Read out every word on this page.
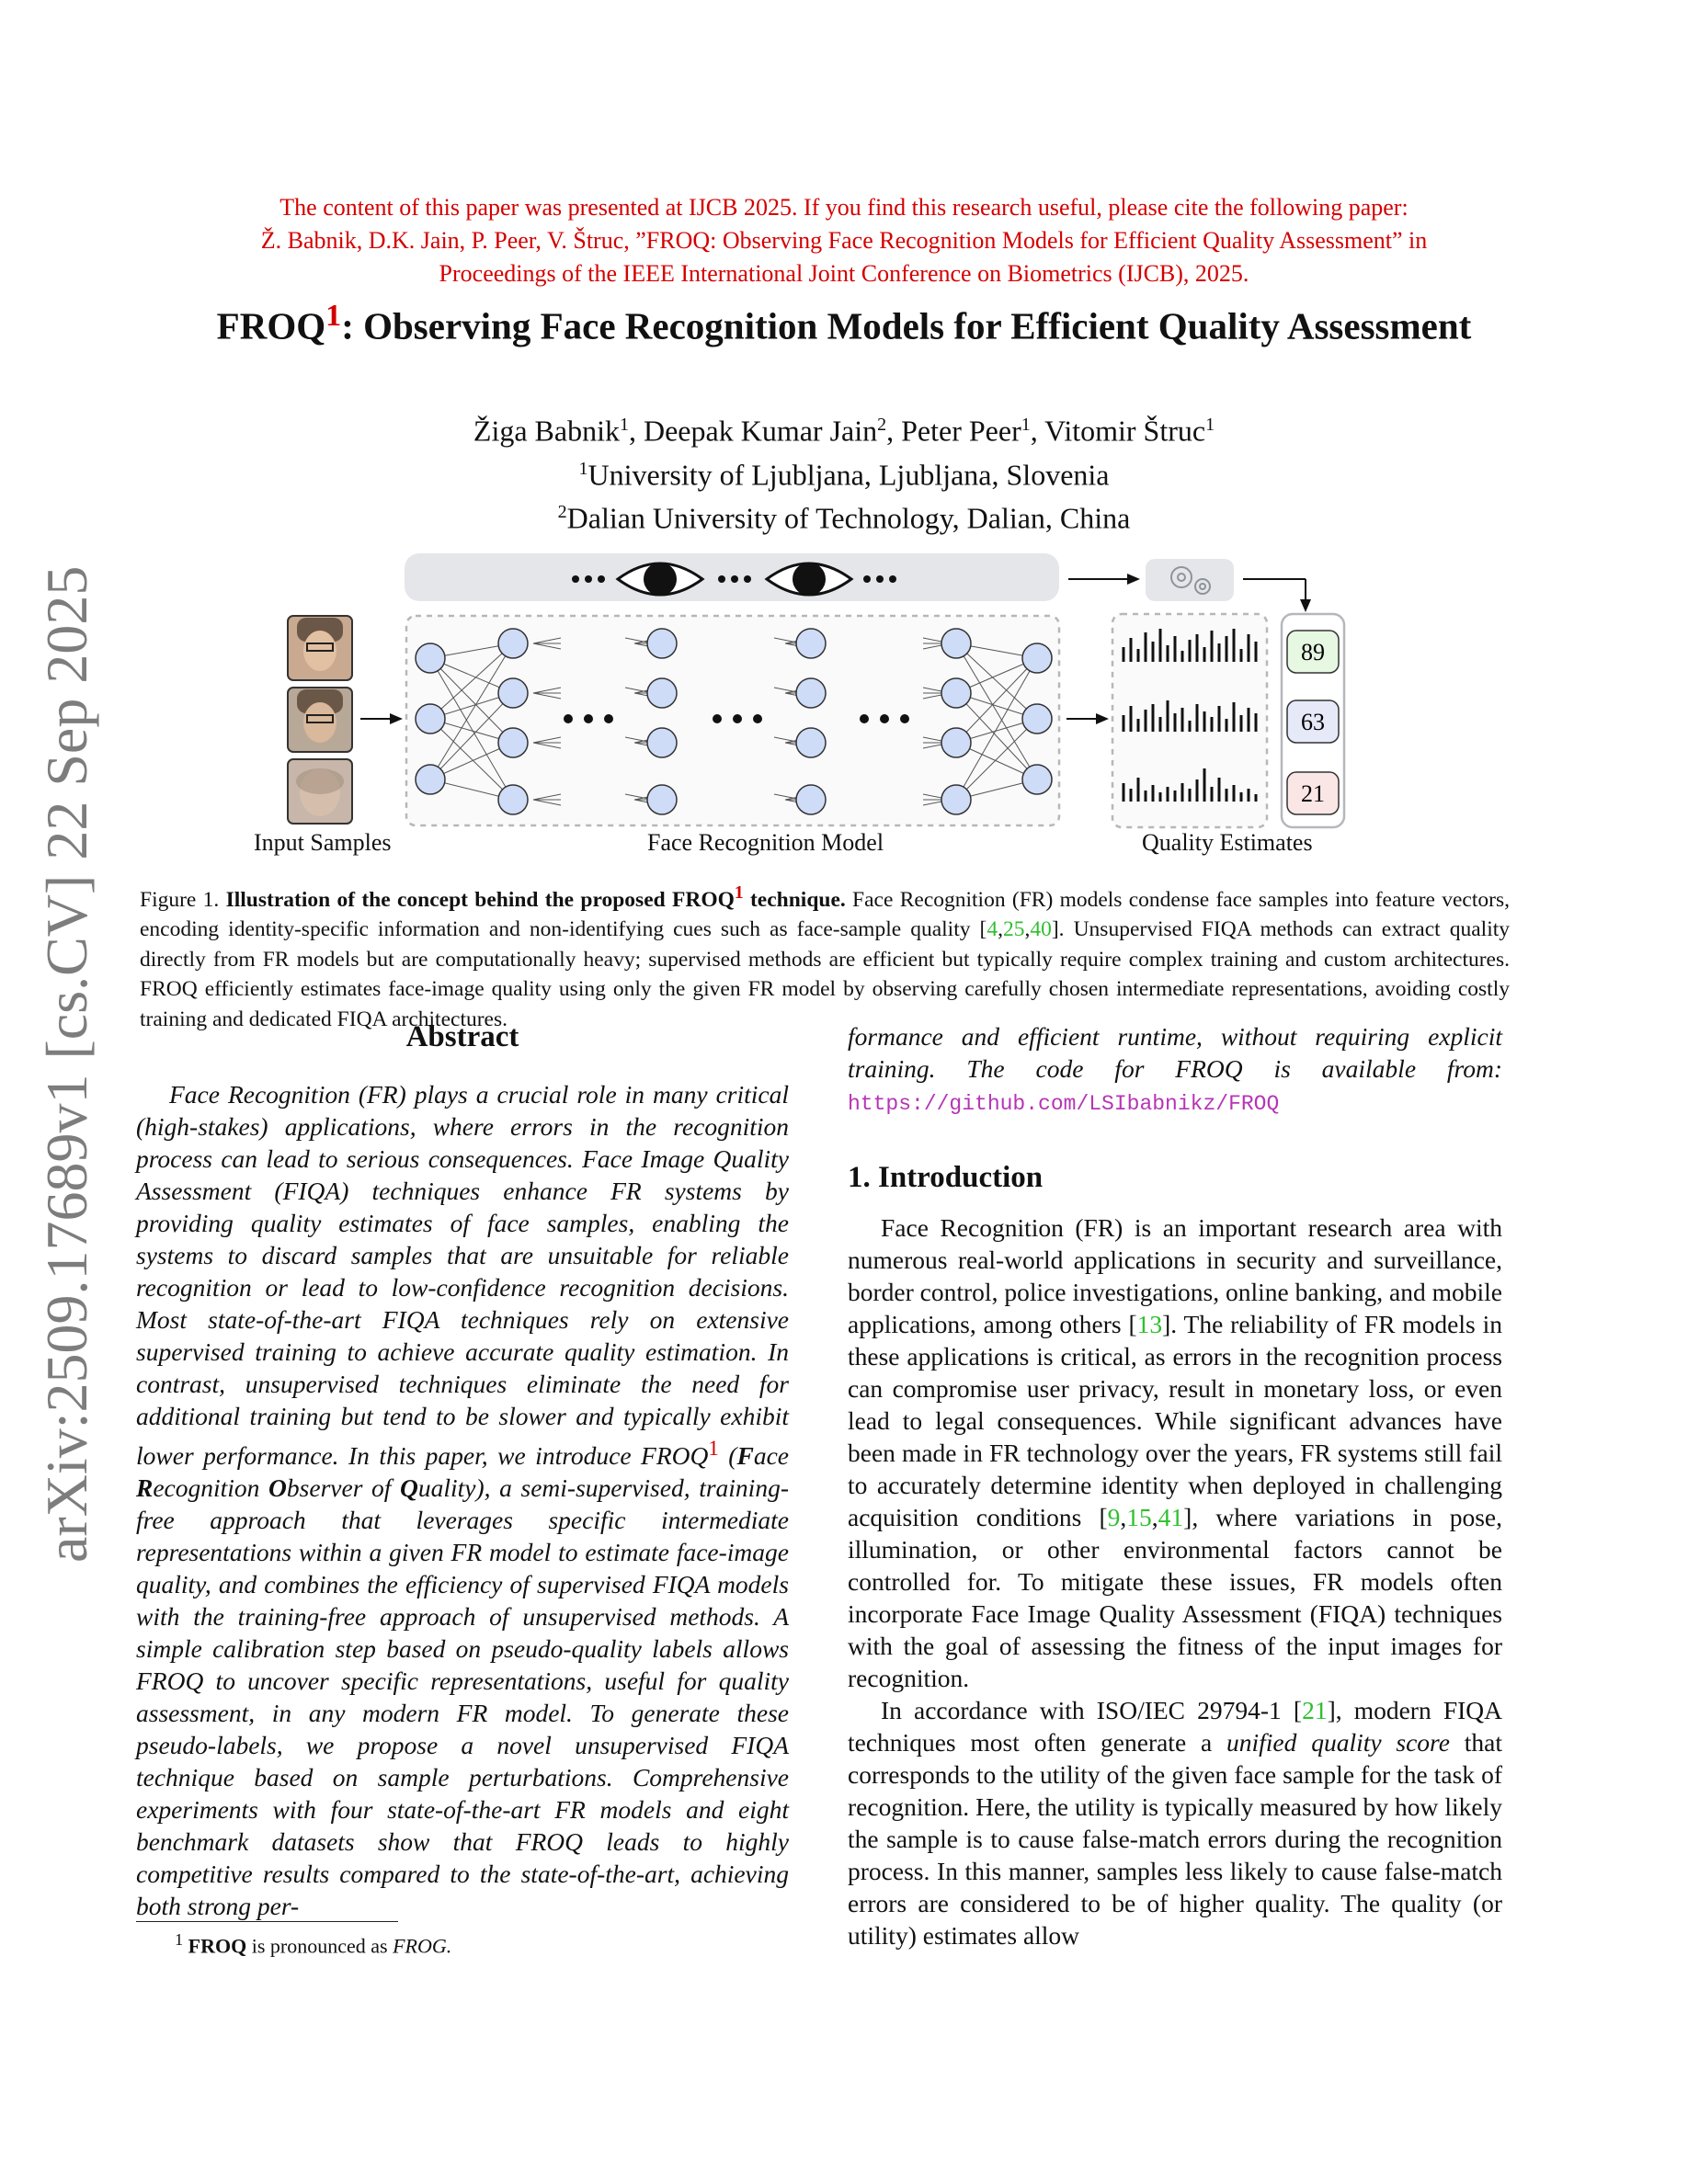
The content of this paper was presented at IJCB 2025. If you find this research useful, please cite the following paper:
Ž. Babnik, D.K. Jain, P. Peer, V. Štruc, ”FROQ: Observing Face Recognition Models for Efficient Quality Assessment” in
Proceedings of the IEEE International Joint Conference on Biometrics (IJCB), 2025.
FROQ$^1$: Observing Face Recognition Models for Efficient Quality Assessment
Žiga Babnik$^1$, Deepak Kumar Jain$^2$, Peter Peer$^1$, Vitomir Štruc$^1$
$^1$University of Ljubljana, Ljubljana, Slovenia
$^2$Dalian University of Technology, Dalian, China
arXiv:2509.17689v1 [cs.CV] 22 Sep 2025	89
63
21
Input Samples	Face Recognition Model	Quality Estimates
Figure 1. Illustration of the concept behind the proposed FROQ$^1$ technique. Face Recognition (FR) models condense face samples into feature vectors, encoding identity-specific information and non-identifying cues such as face-sample quality [4,25,40]. Unsupervised FIQA methods can extract quality directly from FR models but are computationally heavy; supervised methods are efficient but typically require complex training and custom architectures. FROQ efficiently estimates face-image quality using only the given FR model by observing carefully chosen intermediate representations, avoiding costly training and dedicated FIQA architectures.
Abstract
Face Recognition (FR) plays a crucial role in many critical (high-stakes) applications, where errors in the recognition process can lead to serious consequences. Face Image Quality Assessment (FIQA) techniques enhance FR systems by providing quality estimates of face samples, enabling the systems to discard samples that are unsuitable for reliable recognition or lead to low-confidence recognition decisions. Most state-of-the-art FIQA techniques rely on extensive supervised training to achieve accurate quality estimation. In contrast, unsupervised techniques eliminate the need for additional training but tend to be slower and typically exhibit lower performance. In this paper, we introduce FROQ$^1$ (Face Recognition Observer of Quality), a semi-supervised, training-free approach that leverages specific intermediate representations within a given FR model to estimate face-image quality, and combines the efficiency of supervised FIQA models with the training-free approach of unsupervised methods. A simple calibration step based on pseudo-quality labels allows FROQ to uncover specific representations, useful for quality assessment, in any modern FR model. To generate these pseudo-labels, we propose a novel unsupervised FIQA technique based on sample perturbations. Comprehensive experiments with four state-of-the-art FR models and eight benchmark datasets show that FROQ leads to highly competitive results compared to the state-of-the-art, achieving both strong per-
formance and efficient runtime, without requiring explicit training. The code for FROQ is available from: https://github.com/LSIbabnikz/FROQ
1. Introduction

Face Recognition (FR) is an important research area with numerous real-world applications in security and surveillance, border control, police investigations, online banking, and mobile applications, among others [13]. The reliability of FR models in these applications is critical, as errors in the recognition process can compromise user privacy, result in monetary loss, or even lead to legal consequences. While significant advances have been made in FR technology over the years, FR systems still fail to accurately determine identity when deployed in challenging acquisition conditions [9,15,41], where variations in pose, illumination, or other environmental factors cannot be controlled for. To mitigate these issues, FR models often incorporate Face Image Quality Assessment (FIQA) techniques with the goal of assessing the fitness of the input images for recognition.

In accordance with ISO/IEC 29794-1 [21], modern FIQA techniques most often generate a unified quality score that corresponds to the utility of the given face sample for the task of recognition. Here, the utility is typically measured by how likely the sample is to cause false-match errors during the recognition process. In this manner, samples less likely to cause false-match errors are considered to be of higher quality. The quality (or utility) estimates allow

$^1$ FROQ is pronounced as FROG.
